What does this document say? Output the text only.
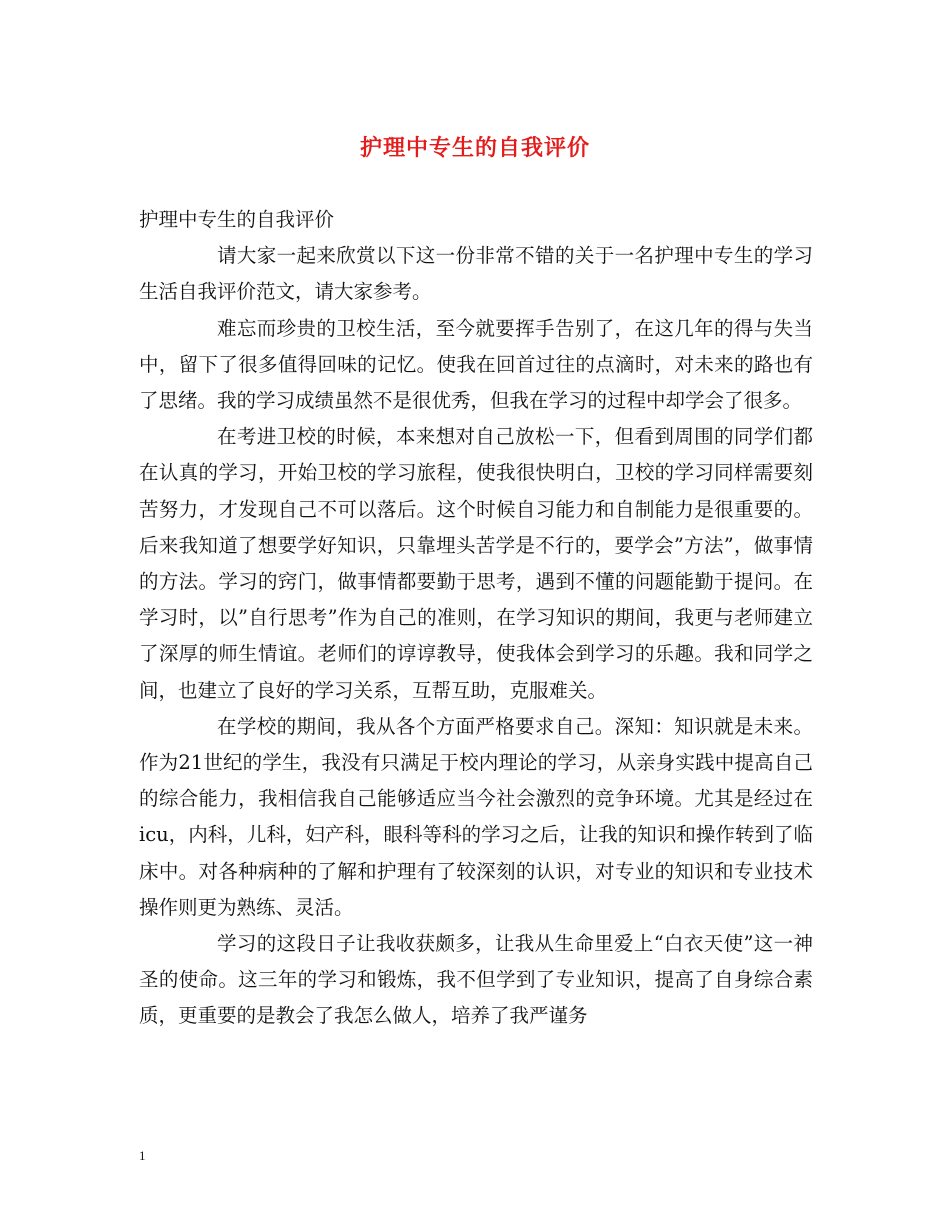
护理中专生的自我评价

护理中专生的自我评价

请大家一起来欣赏以下这一份非常不错的关于一名护理中专生的学习生活自我评价范文，请大家参考。

难忘而珍贵的卫校生活，至今就要挥手告别了，在这几年的得与失当中，留下了很多值得回味的记忆。使我在回首过往的点滴时，对未来的路也有了思绪。我的学习成绩虽然不是很优秀，但我在学习的过程中却学会了很多。

在考进卫校的时候，本来想对自己放松一下，但看到周围的同学们都在认真的学习，开始卫校的学习旅程，使我很快明白，卫校的学习同样需要刻苦努力，才发现自己不可以落后。这个时候自习能力和自制能力是很重要的。后来我知道了想要学好知识，只靠埋头苦学是不行的，要学会”方法”，做事情的方法。学习的窍门，做事情都要勤于思考，遇到不懂的问题能勤于提问。在学习时，以”自行思考”作为自己的准则，在学习知识的期间，我更与老师建立了深厚的师生情谊。老师们的谆谆教导，使我体会到学习的乐趣。我和同学之间，也建立了良好的学习关系，互帮互助，克服难关。

在学校的期间，我从各个方面严格要求自己。深知：知识就是未来。作为21世纪的学生，我没有只满足于校内理论的学习，从亲身实践中提高自己的综合能力，我相信我自己能够适应当今社会激烈的竞争环境。尤其是经过在icu，内科，儿科，妇产科，眼科等科的学习之后，让我的知识和操作转到了临床中。对各种病种的了解和护理有了较深刻的认识，对专业的知识和专业技术操作则更为熟练、灵活。

学习的这段日子让我收获颇多，让我从生命里爱上“白衣天使”这一神圣的使命。这三年的学习和锻炼，我不但学到了专业知识，提高了自身综合素质，更重要的是教会了我怎么做人，培养了我严谨务

1
